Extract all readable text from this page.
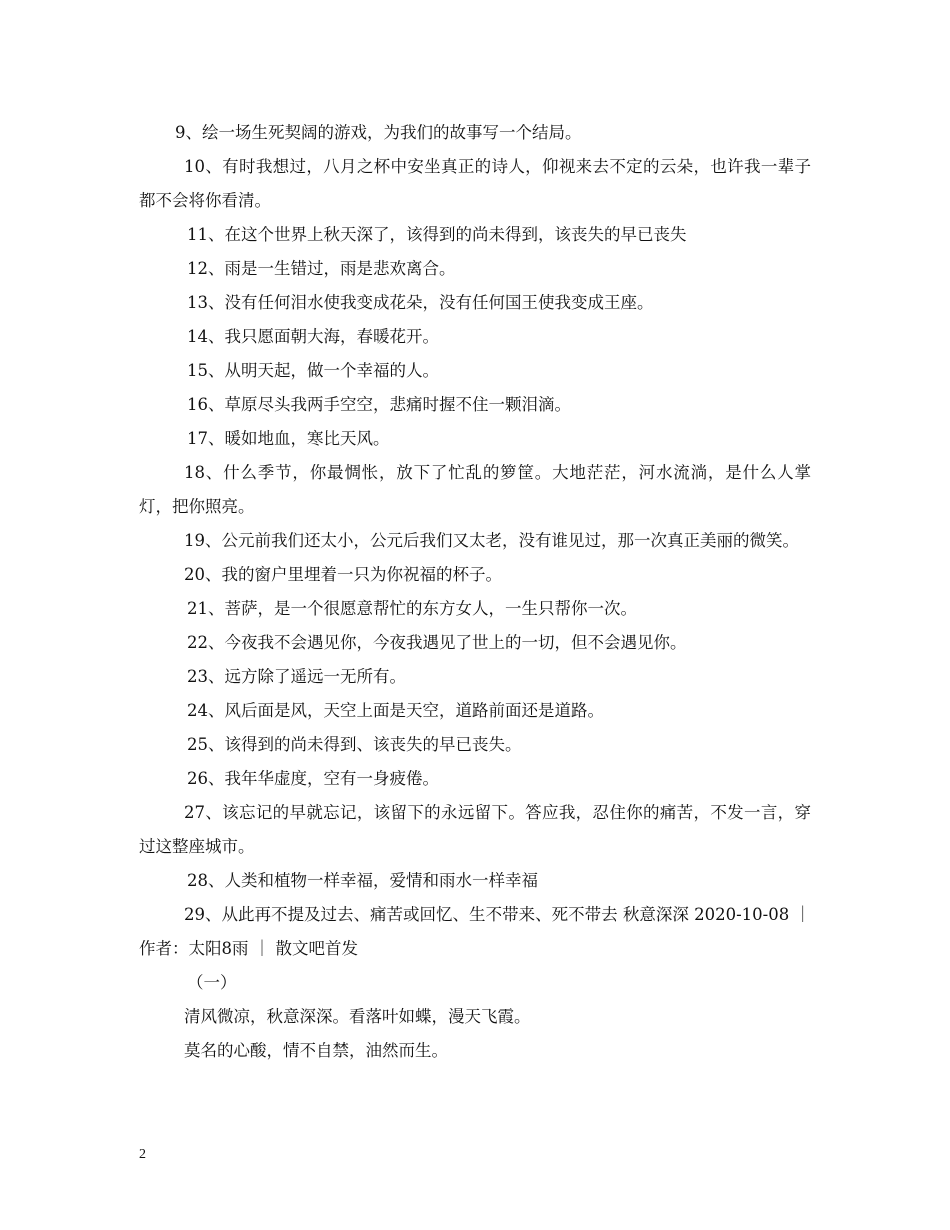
9、绘一场生死契阔的游戏，为我们的故事写一个结局。
10、有时我想过，八月之杯中安坐真正的诗人，仰视来去不定的云朵，也许我一辈子都不会将你看清。
11、在这个世界上秋天深了，该得到的尚未得到，该丧失的早已丧失
12、雨是一生错过，雨是悲欢离合。
13、没有任何泪水使我变成花朵，没有任何国王使我变成王座。
14、我只愿面朝大海，春暖花开。
15、从明天起，做一个幸福的人。
16、草原尽头我两手空空，悲痛时握不住一颗泪滴。
17、暖如地血，寒比天风。
18、什么季节，你最惆怅，放下了忙乱的箩筐。大地茫茫，河水流淌，是什么人掌灯，把你照亮。
19、公元前我们还太小，公元后我们又太老，没有谁见过，那一次真正美丽的微笑。
20、我的窗户里埋着一只为你祝福的杯子。
21、菩萨，是一个很愿意帮忙的东方女人，一生只帮你一次。
22、今夜我不会遇见你，今夜我遇见了世上的一切，但不会遇见你。
23、远方除了遥远一无所有。
24、风后面是风，天空上面是天空，道路前面还是道路。
25、该得到的尚未得到、该丧失的早已丧失。
26、我年华虚度，空有一身疲倦。
27、该忘记的早就忘记，该留下的永远留下。答应我，忍住你的痛苦，不发一言，穿过这整座城市。
28、人类和植物一样幸福，爱情和雨水一样幸福
29、从此再不提及过去、痛苦或回忆、生不带来、死不带去 秋意深深 2020-10-08 ｜ 作者：太阳8雨 ｜ 散文吧首发
（一）
清风微凉，秋意深深。看落叶如蝶，漫天飞霞。
莫名的心酸，情不自禁，油然而生。
2
